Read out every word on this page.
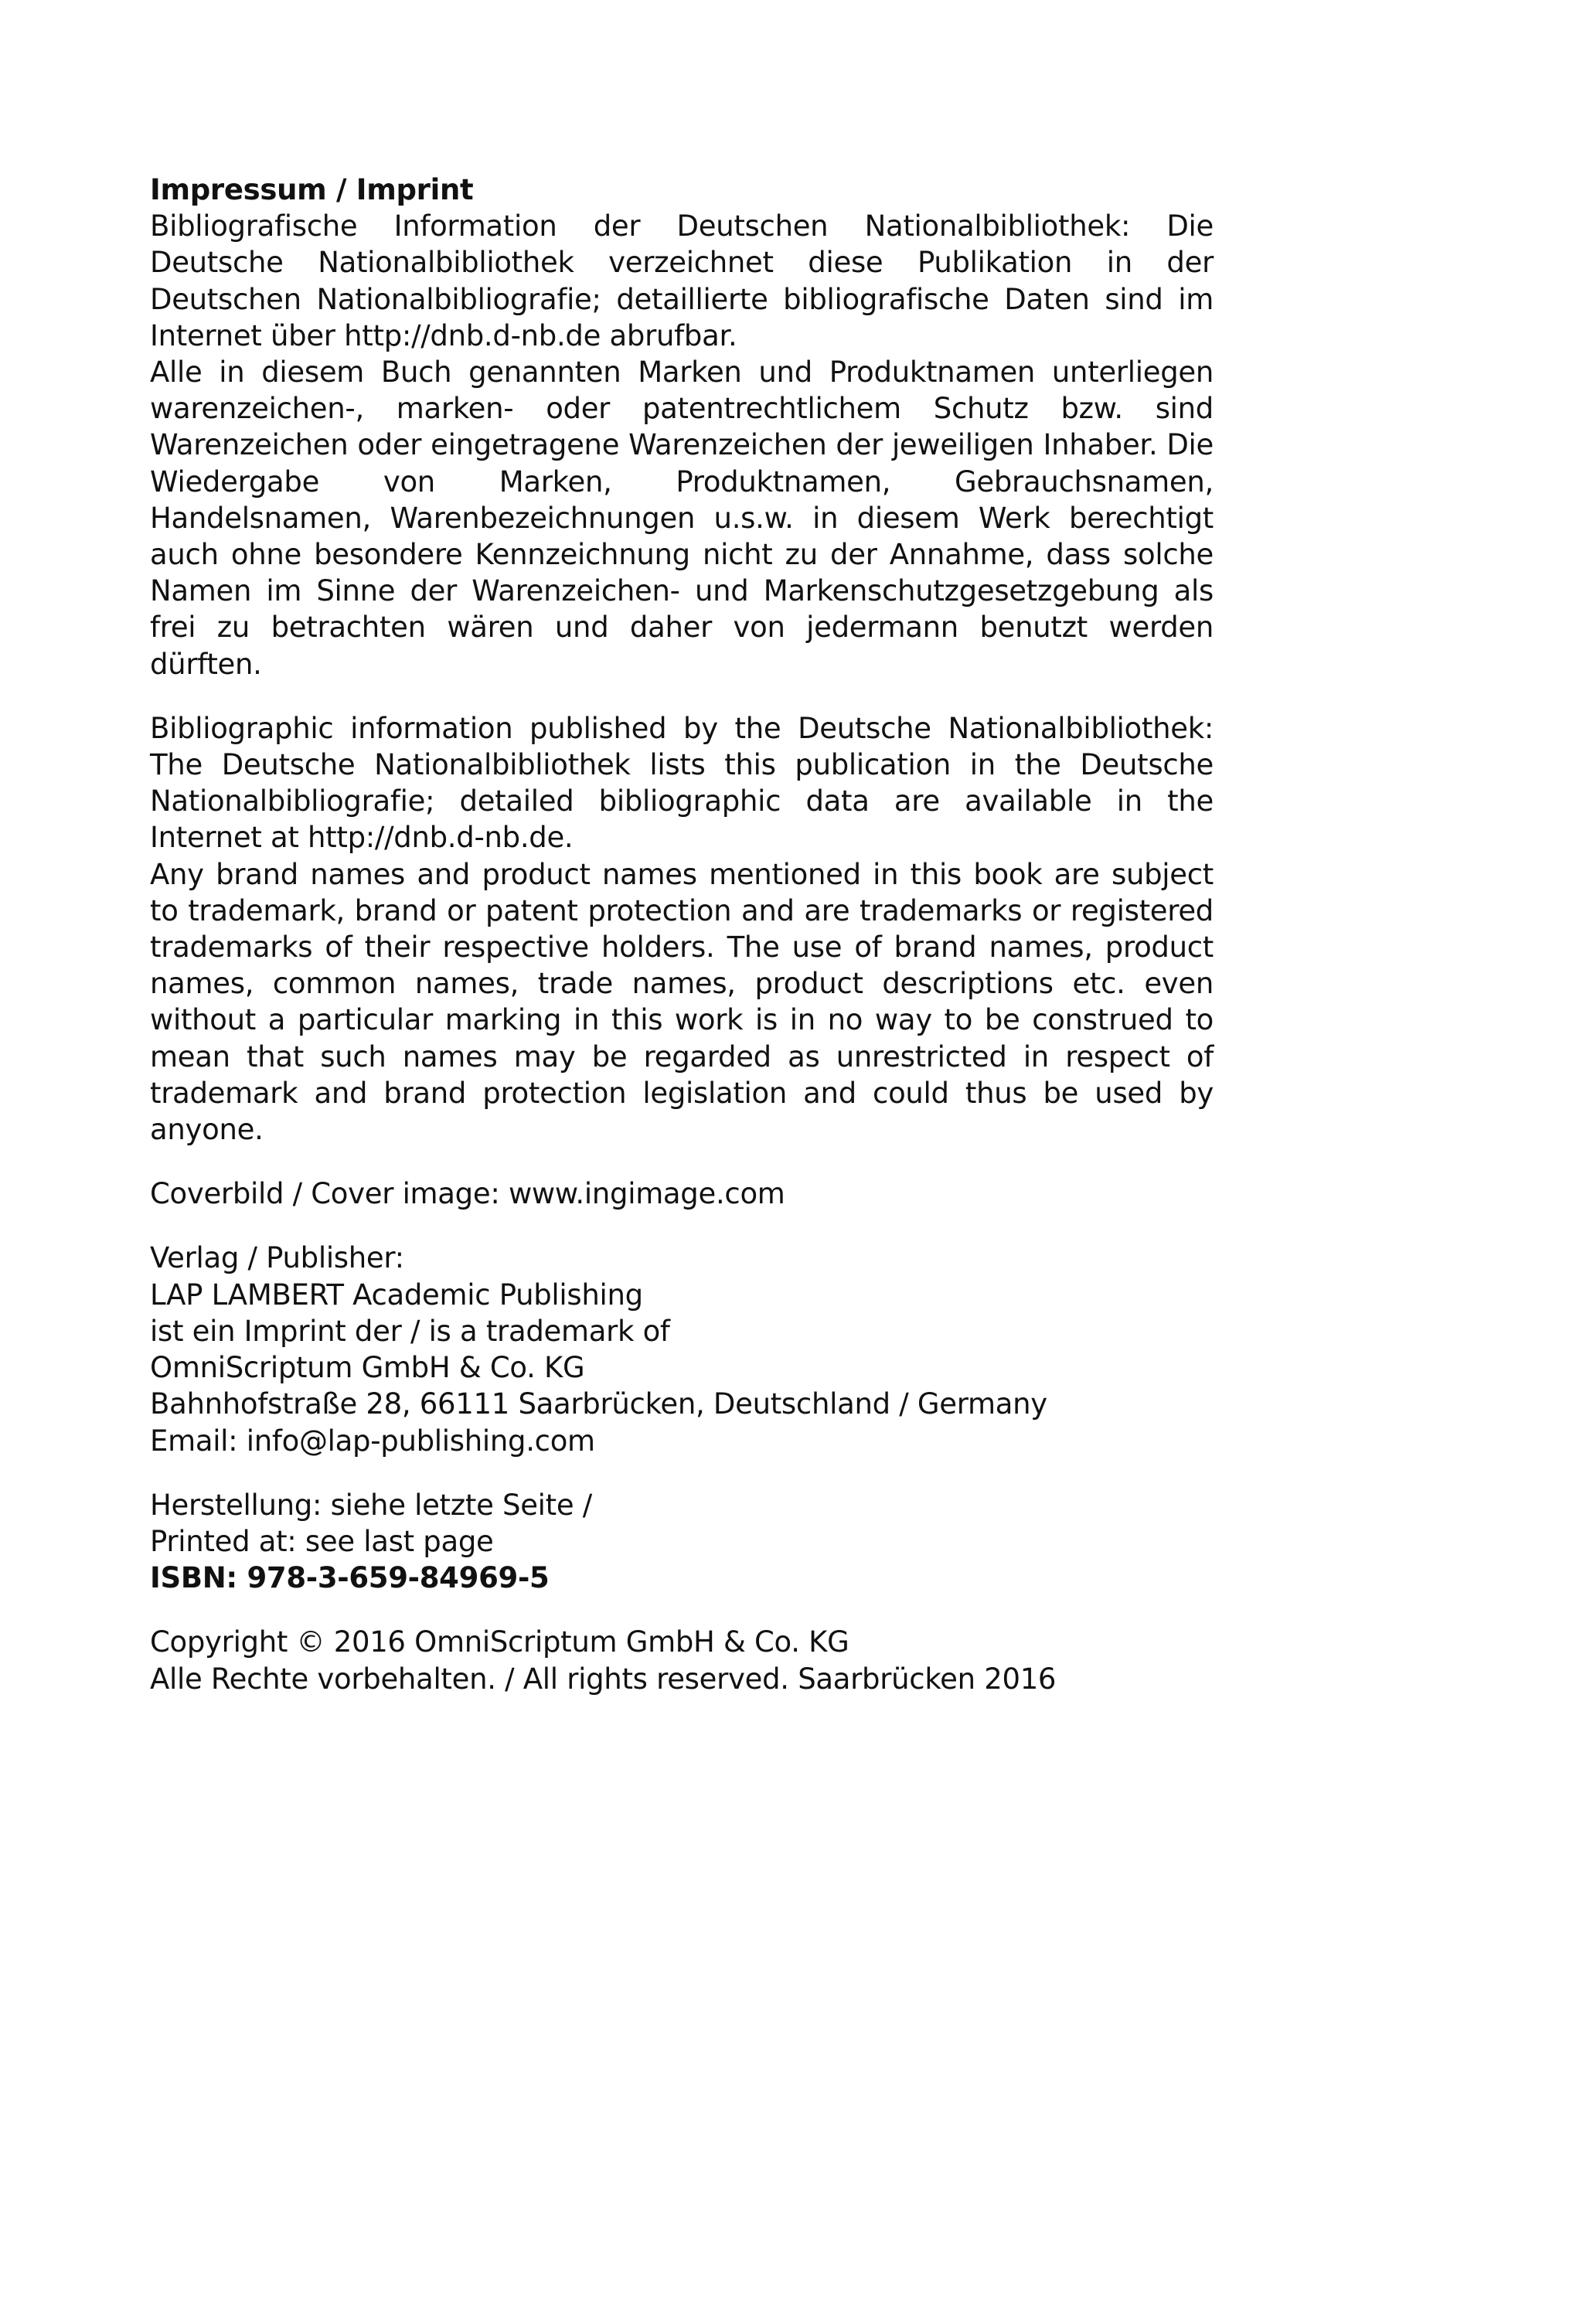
Impressum / Imprint

Bibliografische Information der Deutschen Nationalbibliothek: Die Deutsche Nationalbibliothek verzeichnet diese Publikation in der Deutschen Nationalbibliografie; detaillierte bibliografische Daten sind im Internet über http://dnb.d-nb.de abrufbar.

Alle in diesem Buch genannten Marken und Produktnamen unterliegen warenzeichen-, marken- oder patentrechtlichem Schutz bzw. sind Warenzeichen oder eingetragene Warenzeichen der jeweiligen Inhaber. Die Wiedergabe von Marken, Produktnamen, Gebrauchsnamen, Handelsnamen, Warenbezeichnungen u.s.w. in diesem Werk berechtigt auch ohne besondere Kennzeichnung nicht zu der Annahme, dass solche Namen im Sinne der Warenzeichen- und Markenschutzgesetzgebung als frei zu betrachten wären und daher von jedermann benutzt werden dürften.

Bibliographic information published by the Deutsche Nationalbibliothek: The Deutsche Nationalbibliothek lists this publication in the Deutsche Nationalbibliografie; detailed bibliographic data are available in the Internet at http://dnb.d-nb.de.

Any brand names and product names mentioned in this book are subject to trademark, brand or patent protection and are trademarks or registered trademarks of their respective holders. The use of brand names, product names, common names, trade names, product descriptions etc. even without a particular marking in this work is in no way to be construed to mean that such names may be regarded as unrestricted in respect of trademark and brand protection legislation and could thus be used by anyone.

Coverbild / Cover image: www.ingimage.com

Verlag / Publisher:

LAP LAMBERT Academic Publishing

ist ein Imprint der / is a trademark of

OmniScriptum GmbH & Co. KG

Bahnhofstraße 28, 66111 Saarbrücken, Deutschland / Germany

Email: info@lap-publishing.com

Herstellung: siehe letzte Seite /

Printed at: see last page

ISBN: 978-3-659-84969-5

Copyright © 2016 OmniScriptum GmbH & Co. KG

Alle Rechte vorbehalten. / All rights reserved. Saarbrücken 2016
